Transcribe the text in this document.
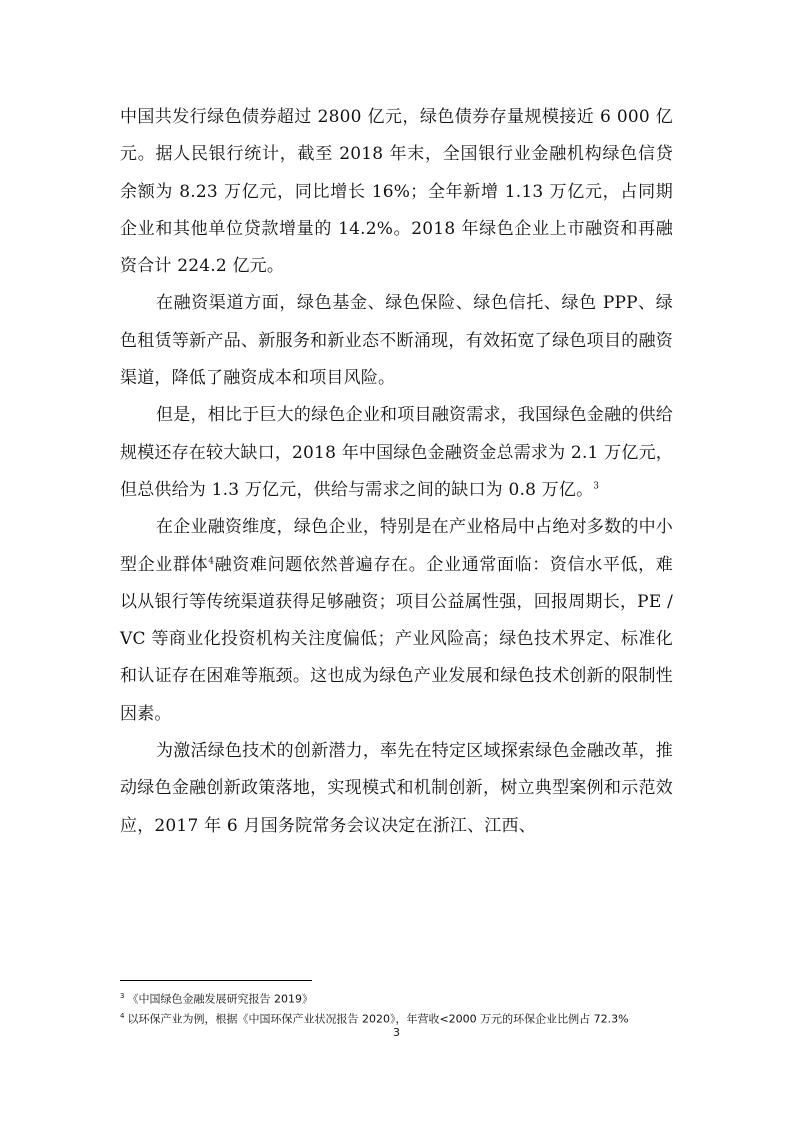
中国共发行绿色债券超过 2800 亿元，绿色债券存量规模接近 6 000 亿元。据人民银行统计，截至 2018 年末，全国银行业金融机构绿色信贷余额为 8.23 万亿元，同比增长 16%；全年新增 1.13 万亿元，占同期企业和其他单位贷款增量的 14.2%。2018 年绿色企业上市融资和再融资合计 224.2 亿元。

在融资渠道方面，绿色基金、绿色保险、绿色信托、绿色 PPP、绿色租赁等新产品、新服务和新业态不断涌现，有效拓宽了绿色项目的融资渠道，降低了融资成本和项目风险。

但是，相比于巨大的绿色企业和项目融资需求，我国绿色金融的供给规模还存在较大缺口，2018 年中国绿色金融资金总需求为 2.1 万亿元，但总供给为 1.3 万亿元，供给与需求之间的缺口为 0.8 万亿。$^3$

在企业融资维度，绿色企业，特别是在产业格局中占绝对多数的中小型企业群体$^4$融资难问题依然普遍存在。企业通常面临：资信水平低，难以从银行等传统渠道获得足够融资；项目公益属性强，回报周期长，PE / VC 等商业化投资机构关注度偏低；产业风险高；绿色技术界定、标准化和认证存在困难等瓶颈。这也成为绿色产业发展和绿色技术创新的限制性因素。

为激活绿色技术的创新潜力，率先在特定区域探索绿色金融改革，推动绿色金融创新政策落地，实现模式和机制创新，树立典型案例和示范效应，2017 年 6 月国务院常务会议决定在浙江、江西、

$^3$ 《中国绿色金融发展研究报告 2019》

$^4$ 以环保产业为例，根据《中国环保产业状况报告 2020》，年营收<2000 万元的环保企业比例占 72.3%

3
